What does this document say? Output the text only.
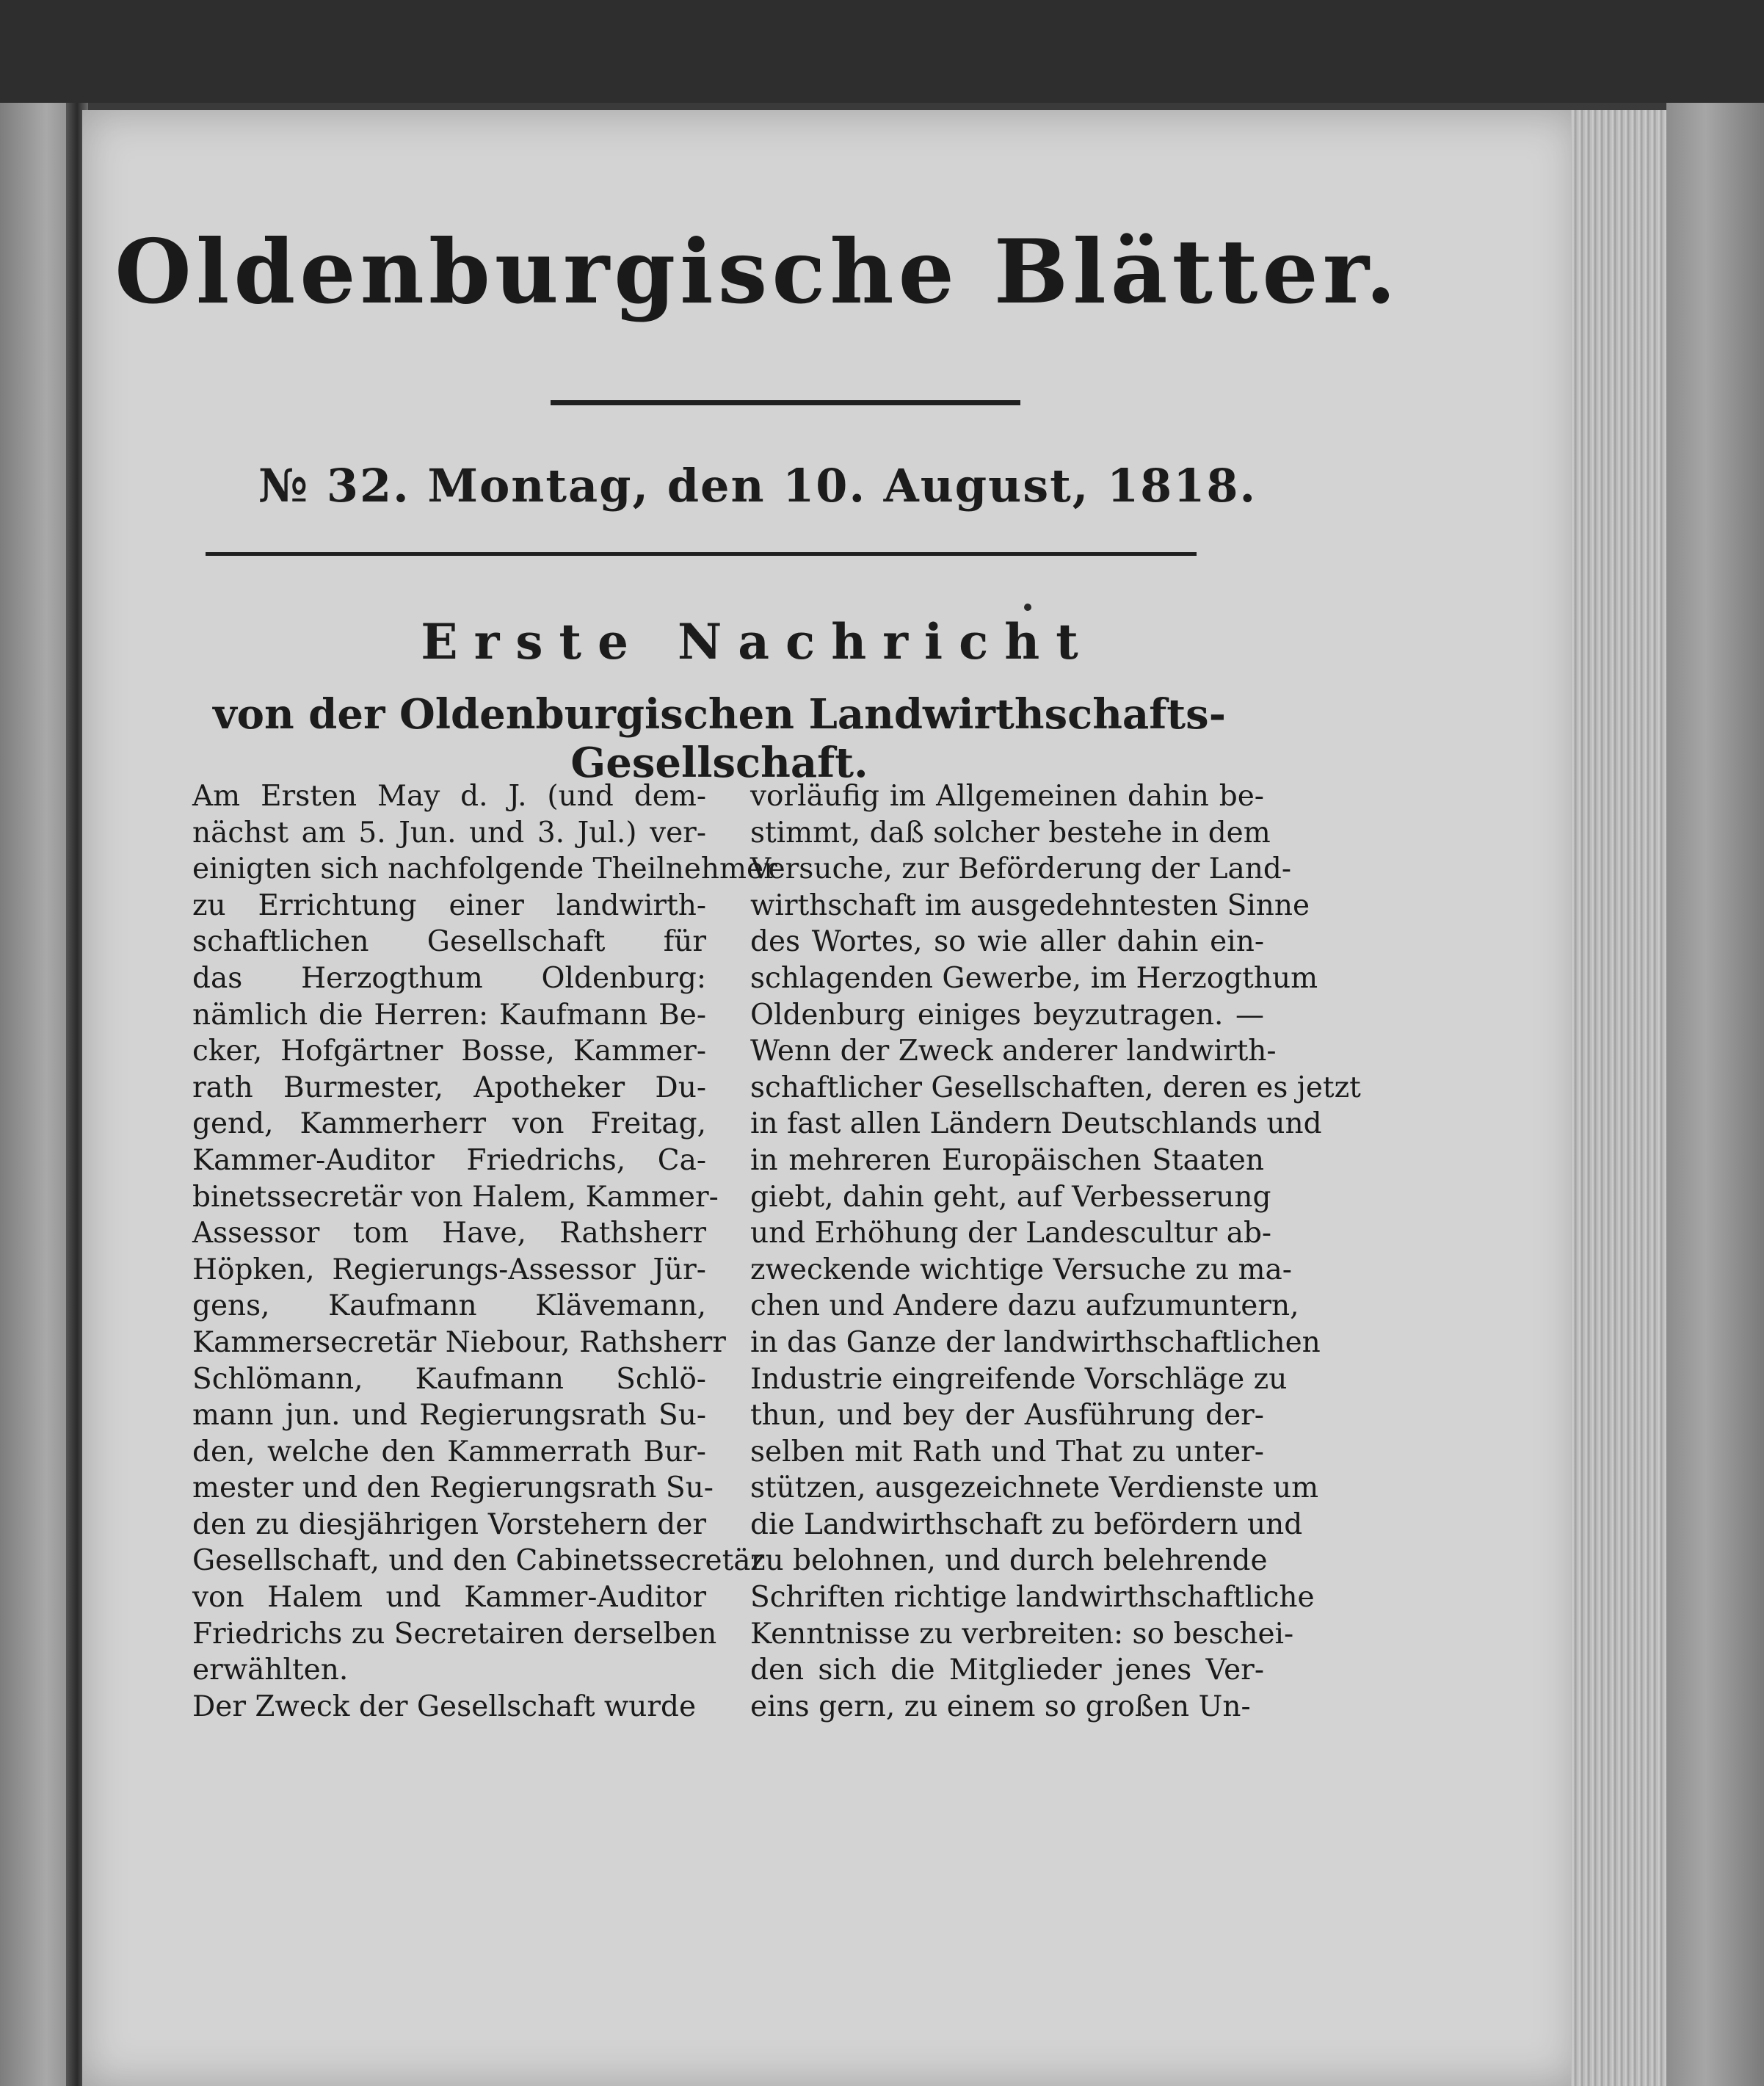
Oldenburgische Blätter.
№ 32. Montag, den 10. August, 1818.
Erste Nachricht
von der Oldenburgischen Landwirthschafts-Gesellschaft.
Am Ersten May d. J. (und dem-
nächst am 5. Jun. und 3. Jul.) ver-
einigten sich nachfolgende Theilnehmer
zu Errichtung einer landwirth-
schaftlichen Gesellschaft für
das Herzogthum Oldenburg:
nämlich die Herren: Kaufmann Be-
cker, Hofgärtner Bosse, Kammer-
rath Burmester, Apotheker Du-
gend, Kammerherr von Freitag,
Kammer-Auditor Friedrichs, Ca-
binetssecretär von Halem, Kammer-
Assessor tom Have, Rathsherr
Höpken, Regierungs-Assessor Jür-
gens, Kaufmann Klävemann,
Kammersecretär Niebour, Rathsherr
Schlömann, Kaufmann Schlö-
mann jun. und Regierungsrath Su-
den, welche den Kammerrath Bur-
mester und den Regierungsrath Su-
den zu diesjährigen Vorstehern der
Gesellschaft, und den Cabinetssecretär
von Halem und Kammer-Auditor
Friedrichs zu Secretairen derselben
erwählten.
Der Zweck der Gesellschaft wurde
vorläufig im Allgemeinen dahin be-
stimmt, daß solcher bestehe in dem
Versuche, zur Beförderung der Land-
wirthschaft im ausgedehntesten Sinne
des Wortes, so wie aller dahin ein-
schlagenden Gewerbe, im Herzogthum
Oldenburg einiges beyzutragen. —
Wenn der Zweck anderer landwirth-
schaftlicher Gesellschaften, deren es jetzt
in fast allen Ländern Deutschlands und
in mehreren Europäischen Staaten
giebt, dahin geht, auf Verbesserung
und Erhöhung der Landescultur ab-
zweckende wichtige Versuche zu ma-
chen und Andere dazu aufzumuntern,
in das Ganze der landwirthschaftlichen
Industrie eingreifende Vorschläge zu
thun, und bey der Ausführung der-
selben mit Rath und That zu unter-
stützen, ausgezeichnete Verdienste um
die Landwirthschaft zu befördern und
zu belohnen, und durch belehrende
Schriften richtige landwirthschaftliche
Kenntnisse zu verbreiten: so beschei-
den sich die Mitglieder jenes Ver-
eins gern, zu einem so großen Un-
